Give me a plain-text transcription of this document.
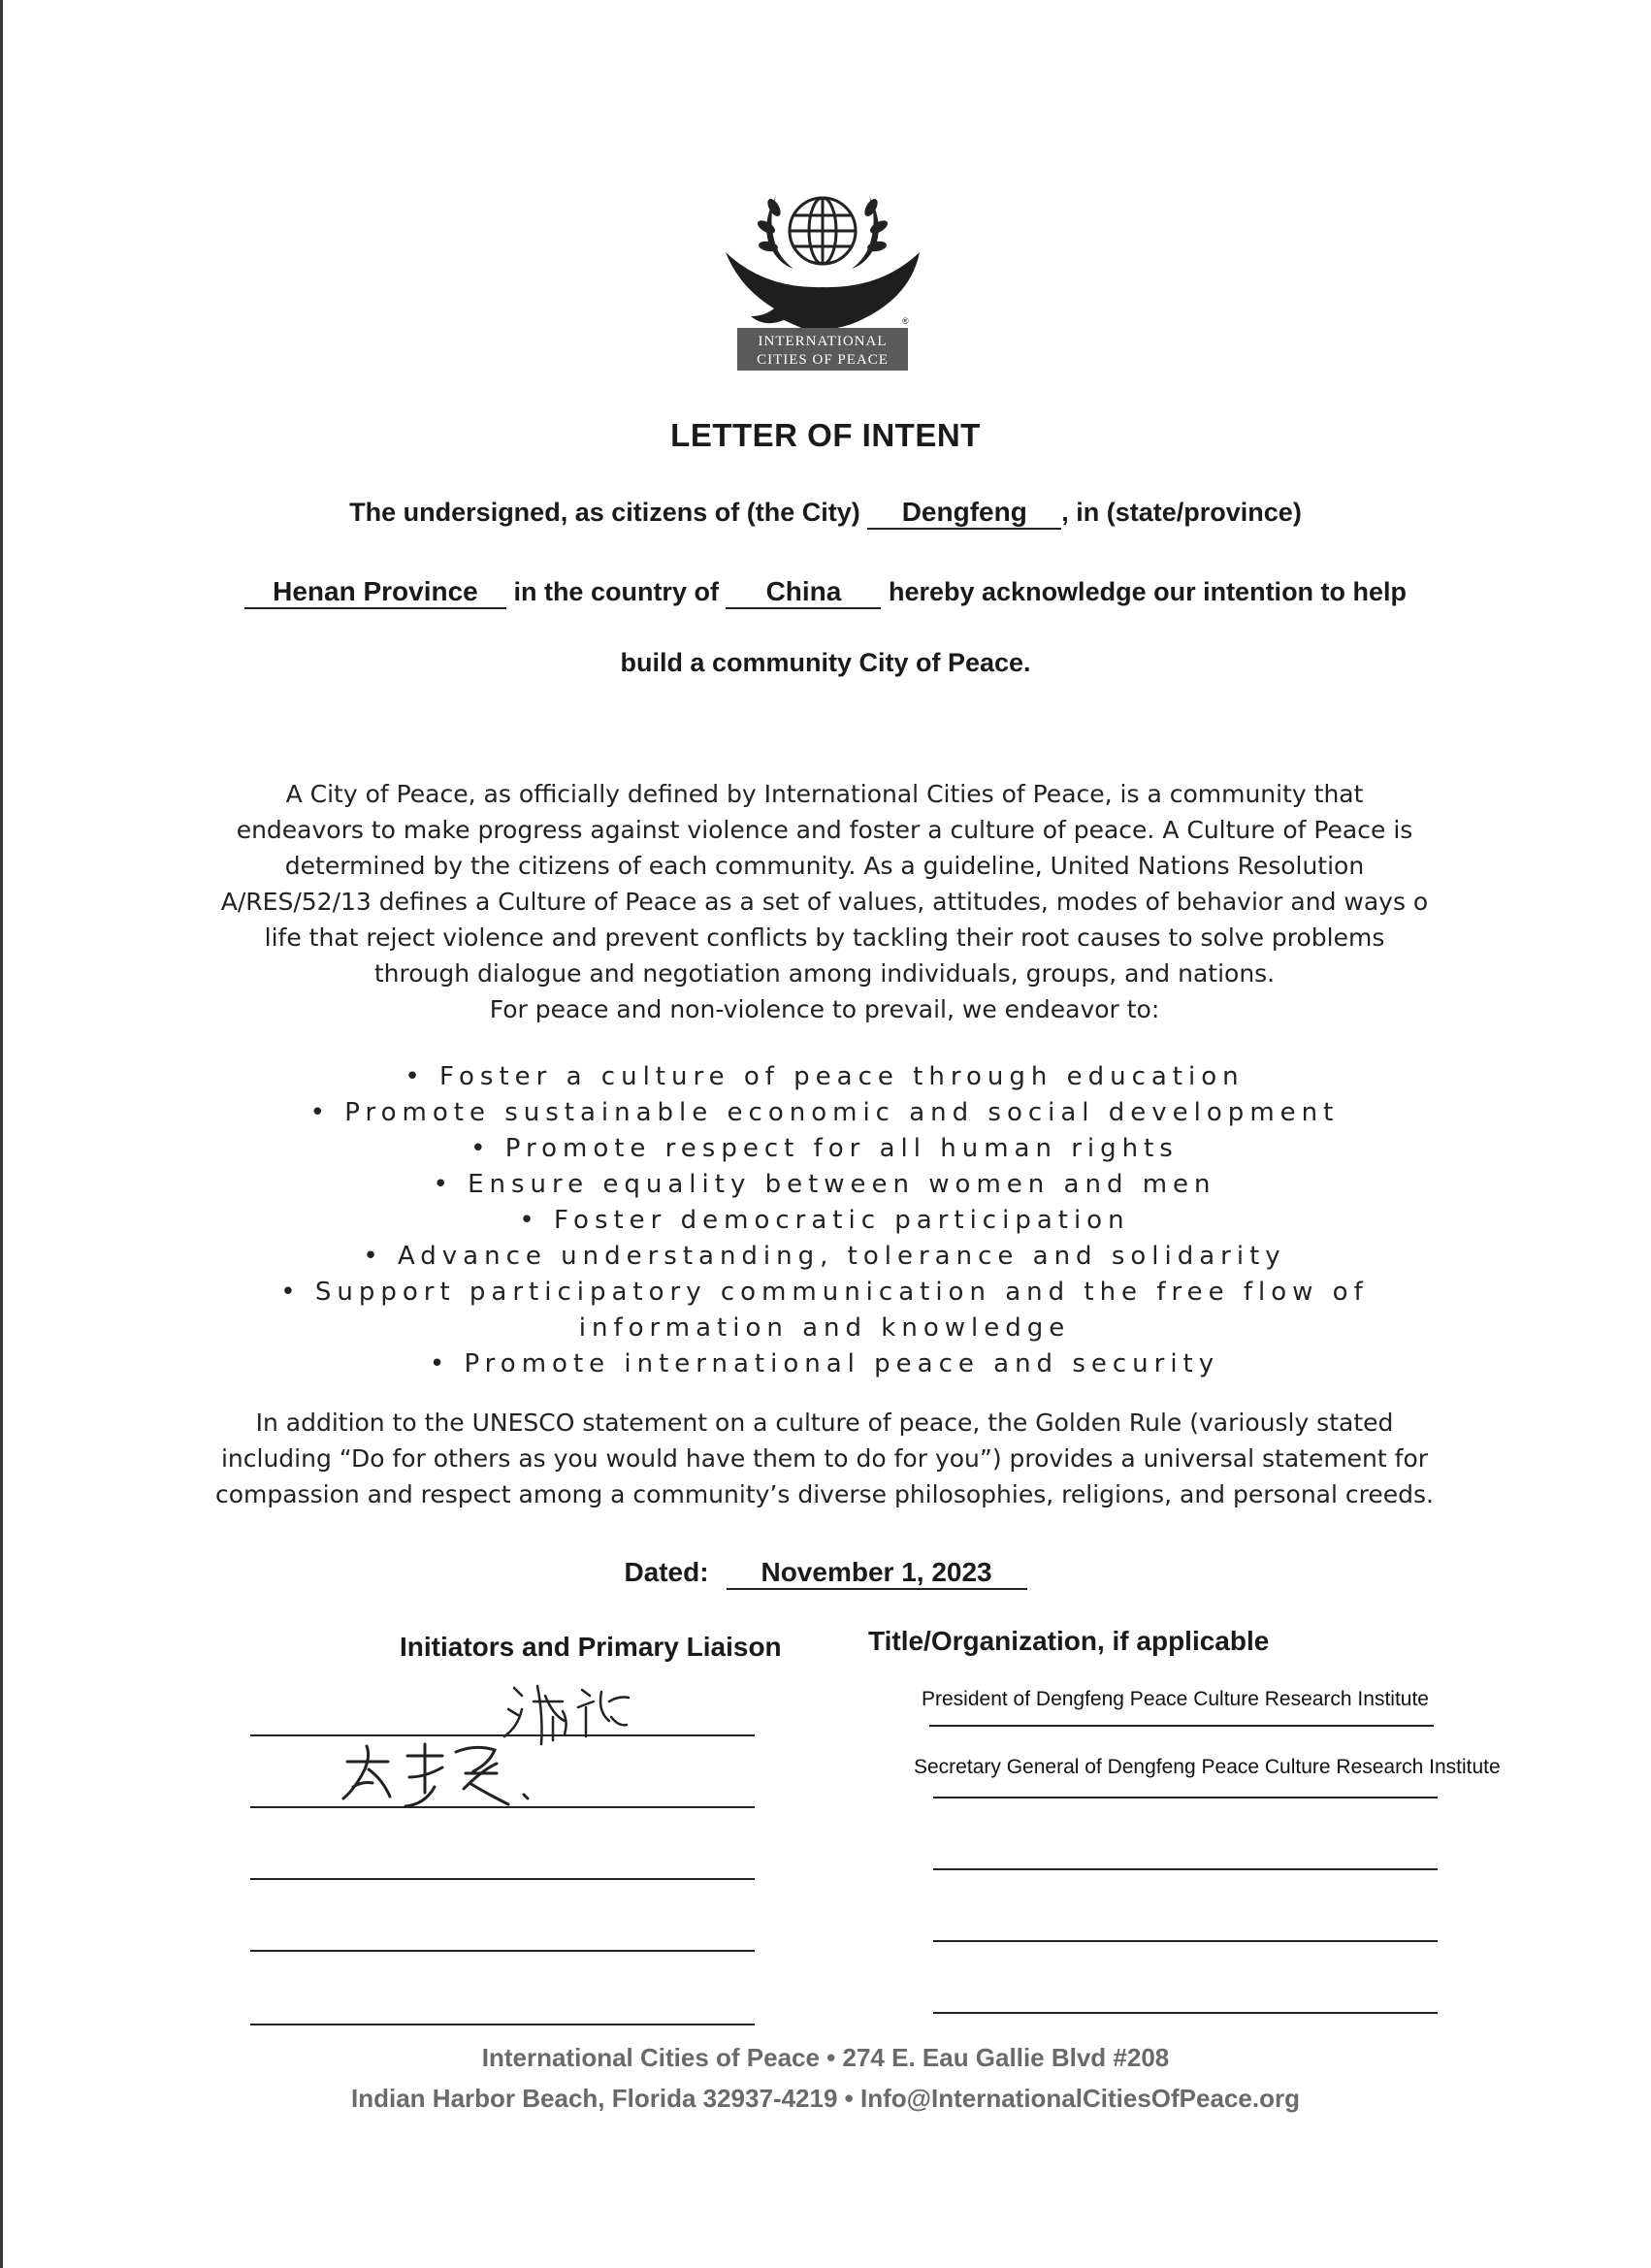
®
INTERNATIONAL
CITIES OF PEACE
LETTER OF INTENT
The undersigned, as citizens of (the City) Dengfeng , in (state/province)
Henan Province in the country of China hereby acknowledge our intention to help
build a community City of Peace.
A City of Peace, as officially defined by International Cities of Peace, is a community that
endeavors to make progress against violence and foster a culture of peace. A Culture of Peace is
determined by the citizens of each community. As a guideline, United Nations Resolution
A/RES/52/13 defines a Culture of Peace as a set of values, attitudes, modes of behavior and ways o
life that reject violence and prevent conflicts by tackling their root causes to solve problems
through dialogue and negotiation among individuals, groups, and nations.
For peace and non-violence to prevail, we endeavor to:
• Foster a culture of peace through education
• Promote sustainable economic and social development
• Promote respect for all human rights
• Ensure equality between women and men
• Foster democratic participation
• Advance understanding, tolerance and solidarity
• Support participatory communication and the free flow of
information and knowledge
• Promote international peace and security
In addition to the UNESCO statement on a culture of peace, the Golden Rule (variously stated
including “Do for others as you would have them to do for you”) provides a universal statement for
compassion and respect among a community’s diverse philosophies, religions, and personal creeds.
Dated: November 1, 2023
Initiators and Primary Liaison	Title/Organization, if applicable
President of Dengfeng Peace Culture Research Institute
Secretary General of Dengfeng Peace Culture Research Institute
International Cities of Peace • 274 E. Eau Gallie Blvd #208
Indian Harbor Beach, Florida 32937-4219 • Info@InternationalCitiesOfPeace.org
